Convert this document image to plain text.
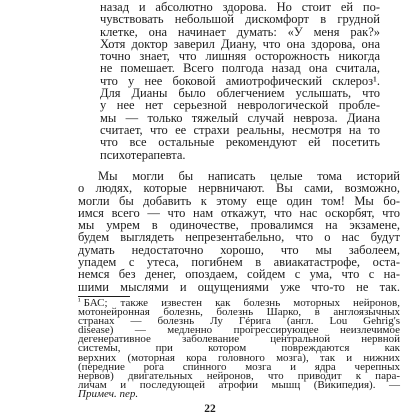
назад и абсолютно здорова. Но стоит ей по-
чувствовать небольшой дискомфорт в грудной
клетке, она начинает думать: «У меня рак?»
Хотя доктор заверил Диану, что она здорова, она
точно знает, что лишняя осторожность никогда
не помешает. Всего полгода назад она считала,
что у нее боковой амиотрофический склероз¹.
Для Дианы было облегчением услышать, что
у нее нет серьезной неврологической пробле-
мы — только тяжелый случай невроза. Диана
считает, что ее страхи реальны, несмотря на то
что все остальные рекомендуют ей посетить
психотерапевта.
Мы могли бы написать целые тома историй
о людях, которые нервничают. Вы сами, возможно,
могли бы добавить к этому еще один том! Мы бо-
имся всего — что нам откажут, что нас оскорбят, что
мы умрем в одиночестве, провалимся на экзамене,
будем выглядеть непрезентабельно, что о нас будут
думать недостаточно хорошо, что мы заболеем,
упадем с утеса, погибнем в авиакатастрофе, оста-
немся без денег, опоздаем, сойдем с ума, что с на-
шими мыслями и ощущениями уже что-то не так.
¹ БАС; также известен как болезнь моторных нейронов,
мотонейронная болезнь, болезнь Шарко, в англоязычных
странах — болезнь Лу Гéрига (англ. Lou Gehrig's
disease) — медленно прогрессирующее неизлечимое
дегенеративное заболевание центральной нервной
системы, при котором повреждаются как
верхних (моторная кора головного мозга), так и нижних
(передние рога спинного мозга и ядра черепных
нервов) двигательных нейронов, что приводит к пара-
личам и последующей атрофии мышц (Википедия). —
Примеч. пер.
22
